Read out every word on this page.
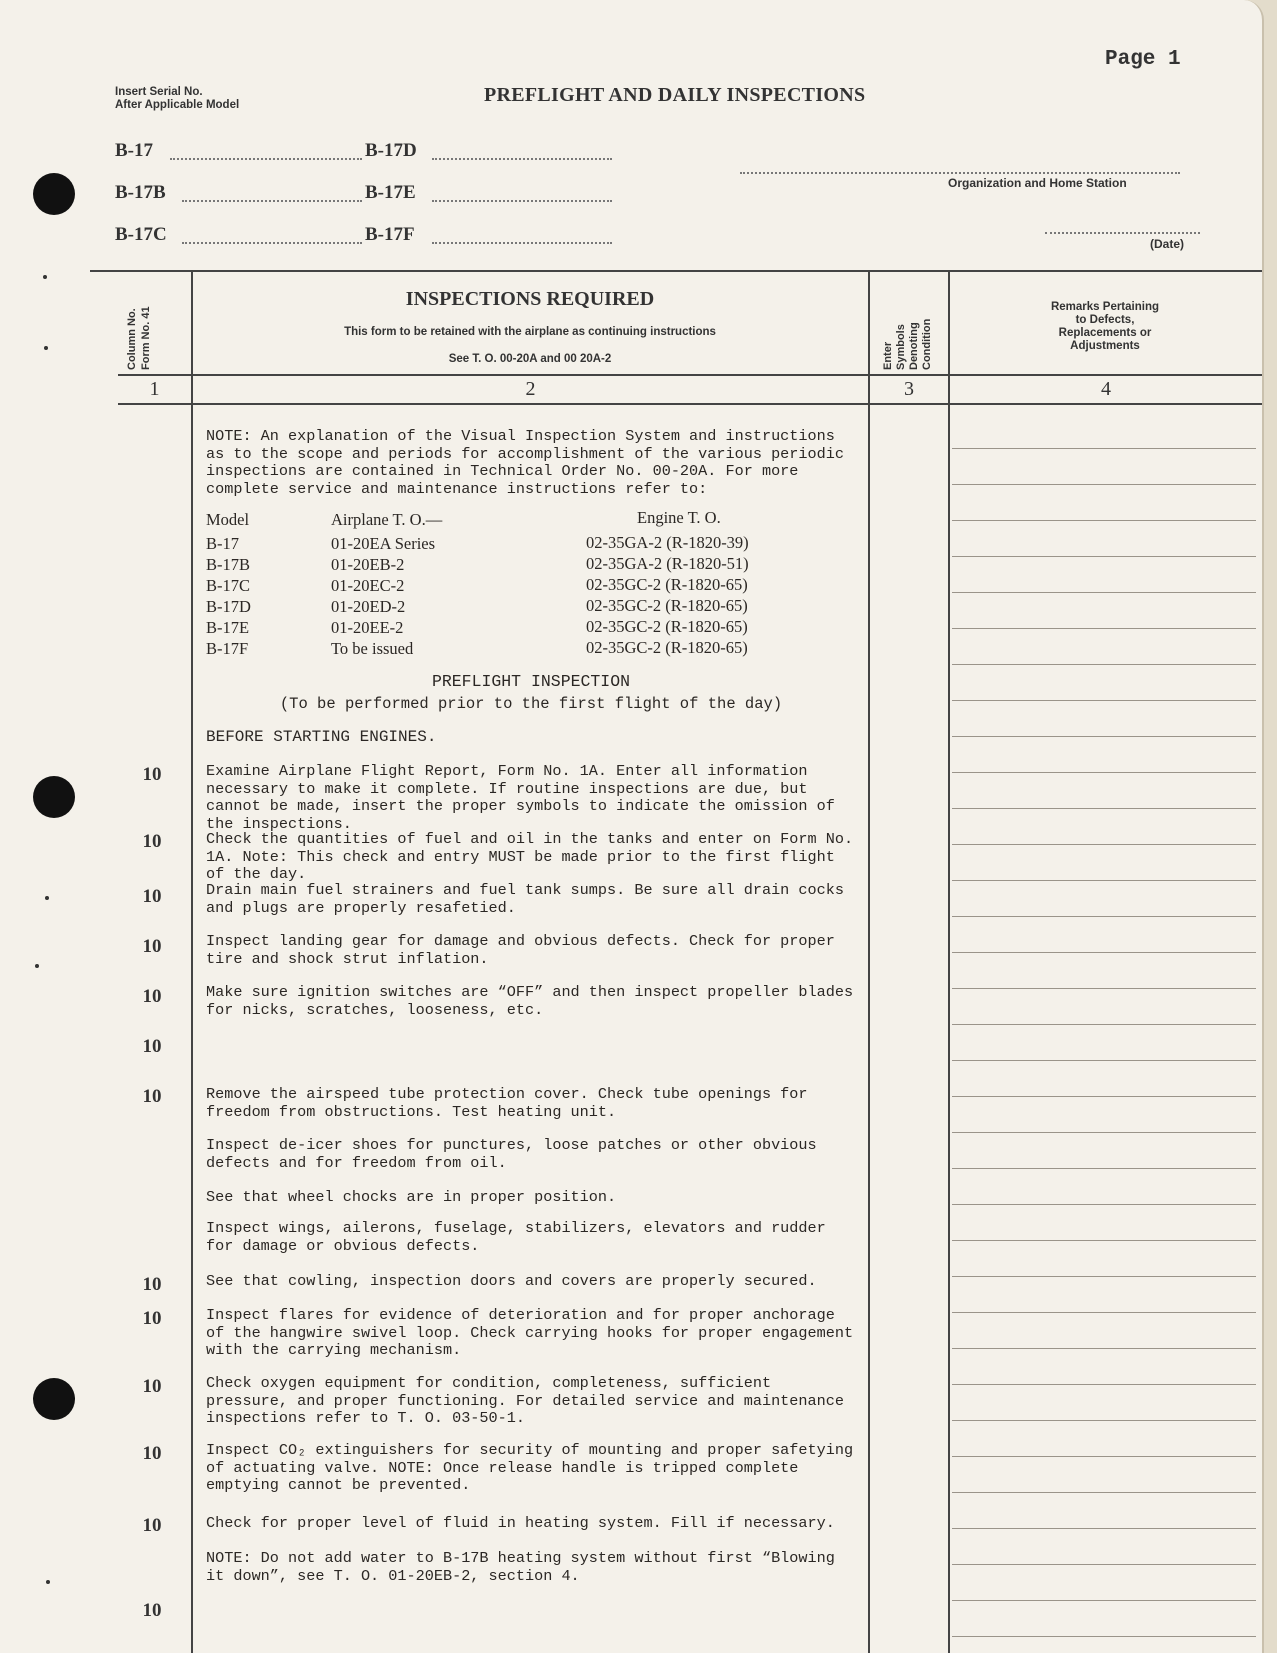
Page 1
Insert Serial No.
After Applicable Model	PREFLIGHT AND DAILY INSPECTIONS
B-17	B-17D
B-17B	B-17E
B-17C	B-17F
Organization and Home Station
(Date)
Column No. Form No. 41
INSPECTIONS REQUIRED
This form to be retained with the airplane as continuing instructions
See T. O. 00-20A and 00 20A-2	Enter Symbols Denoting Condition
Remarks Pertaining
to Defects,
Replacements or
Adjustments
1	2	3	4
NOTE: An explanation of the Visual Inspection System and instructions as to the scope and periods for accomplishment of the various periodic inspections are contained in Technical Order No. 00-20A. For more complete service and maintenance instructions refer to:
Model	Airplane T. O.—	Engine T. O.
B-17	01-20EA Series	02-35GA-2 (R-1820-39)
B-17B	01-20EB-2	02-35GA-2 (R-1820-51)
B-17C	01-20EC-2	02-35GC-2 (R-1820-65)
B-17D	01-20ED-2	02-35GC-2 (R-1820-65)
B-17E	01-20EE-2	02-35GC-2 (R-1820-65)
B-17F	To be issued	02-35GC-2 (R-1820-65)
PREFLIGHT INSPECTION
(To be performed prior to the first flight of the day)
BEFORE STARTING ENGINES.
10	Examine Airplane Flight Report, Form No. 1A. Enter all information necessary to make it complete. If routine inspections are due, but cannot be made, insert the proper symbols to indicate the omission of the inspections.
10	Check the quantities of fuel and oil in the tanks and enter on Form No. 1A. Note: This check and entry MUST be made prior to the first flight of the day.
10	Drain main fuel strainers and fuel tank sumps. Be sure all drain cocks and plugs are properly resafetied.
10	Inspect landing gear for damage and obvious defects. Check for proper tire and shock strut inflation.
10	Make sure ignition switches are “OFF” and then inspect propeller blades for nicks, scratches, looseness, etc.
10
10	Remove the airspeed tube protection cover. Check tube openings for freedom from obstructions. Test heating unit.
Inspect de-icer shoes for punctures, loose patches or other obvious defects and for freedom from oil.
See that wheel chocks are in proper position.
Inspect wings, ailerons, fuselage, stabilizers, elevators and rudder for damage or obvious defects.
10	See that cowling, inspection doors and covers are properly secured.
10	Inspect flares for evidence of deterioration and for proper anchorage of the hangwire swivel loop. Check carrying hooks for proper engagement with the carrying mechanism.
10	Check oxygen equipment for condition, completeness, sufficient pressure, and proper functioning. For detailed service and maintenance inspections refer to T. O. 03-50-1.
10	Inspect CO₂ extinguishers for security of mounting and proper safetying of actuating valve. NOTE: Once release handle is tripped complete emptying cannot be prevented.
10	Check for proper level of fluid in heating system. Fill if necessary.
NOTE: Do not add water to B-17B heating system without first “Blowing it down”, see T. O. 01-20EB-2, section 4.
10
